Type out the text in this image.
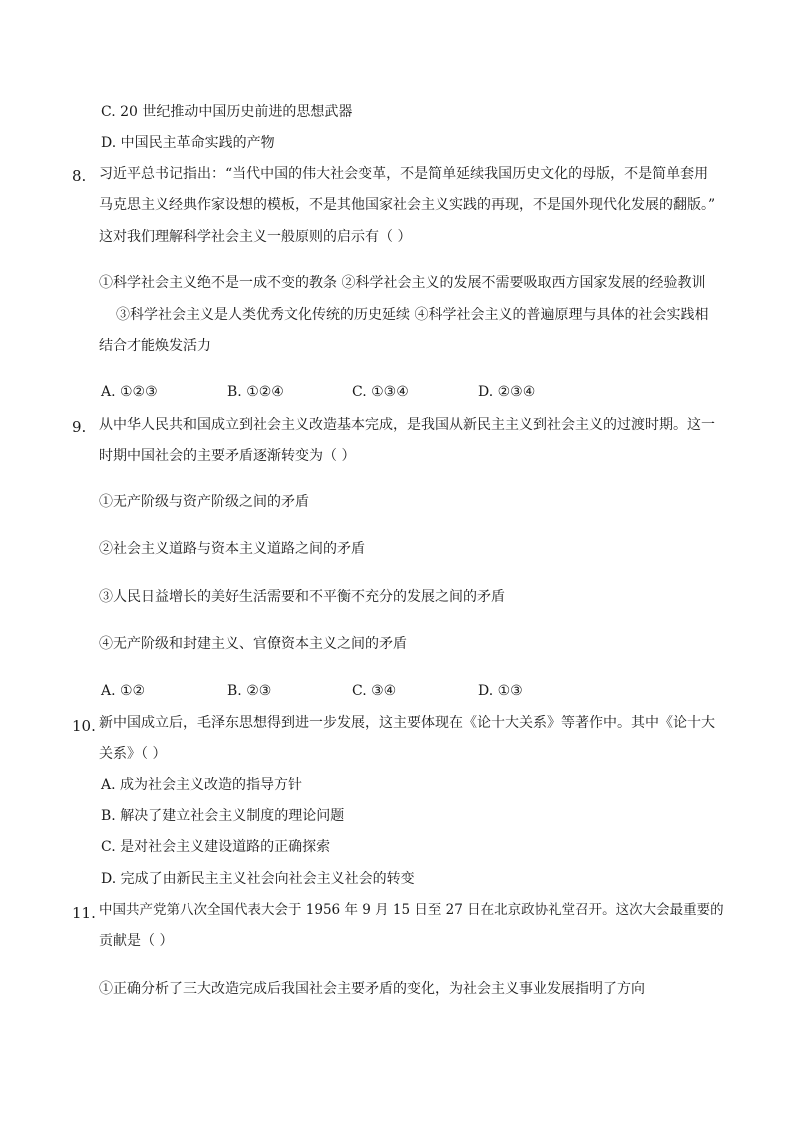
C. 20 世纪推动中国历史前进的思想武器
D. 中国民主革命实践的产物
8. 习近平总书记指出：“当代中国的伟大社会变革，不是简单延续我国历史文化的母版，不是简单套用
马克思主义经典作家设想的模板，不是其他国家社会主义实践的再现，不是国外现代化发展的翻版。”
这对我们理解科学社会主义一般原则的启示有（ ）
①科学社会主义绝不是一成不变的教条 ②科学社会主义的发展不需要吸取西方国家发展的经验教训
③科学社会主义是人类优秀文化传统的历史延续 ④科学社会主义的普遍原理与具体的社会实践相
结合才能焕发活力
A. ①②③	B. ①②④	C. ①③④	D. ②③④
9. 从中华人民共和国成立到社会主义改造基本完成，是我国从新民主主义到社会主义的过渡时期。这一
时期中国社会的主要矛盾逐渐转变为（ ）
①无产阶级与资产阶级之间的矛盾
②社会主义道路与资本主义道路之间的矛盾
③人民日益增长的美好生活需要和不平衡不充分的发展之间的矛盾
④无产阶级和封建主义、官僚资本主义之间的矛盾
A. ①②	B. ②③	C. ③④	D. ①③
10. 新中国成立后，毛泽东思想得到进一步发展，这主要体现在《论十大关系》等著作中。其中《论十大
关系》（ ）
A. 成为社会主义改造的指导方针
B. 解决了建立社会主义制度的理论问题
C. 是对社会主义建设道路的正确探索
D. 完成了由新民主主义社会向社会主义社会的转变
11. 中国共产党第八次全国代表大会于 1956 年 9 月 15 日至 27 日在北京政协礼堂召开。这次大会最重要的
贡献是（ ）
①正确分析了三大改造完成后我国社会主要矛盾的变化，为社会主义事业发展指明了方向
